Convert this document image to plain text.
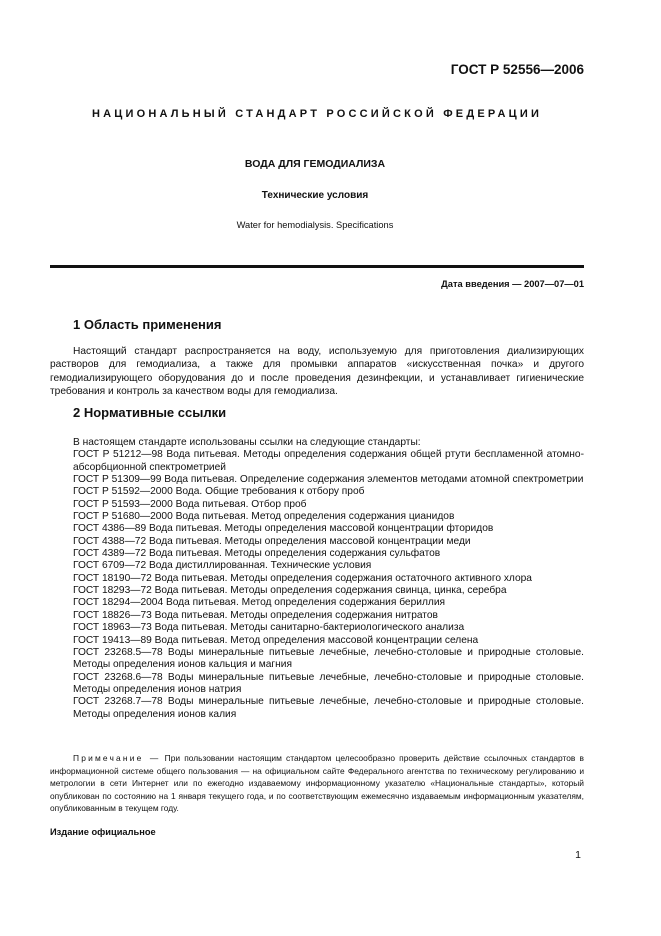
ГОСТ Р 52556—2006
НАЦИОНАЛЬНЫЙ СТАНДАРТ РОССИЙСКОЙ ФЕДЕРАЦИИ
ВОДА ДЛЯ ГЕМОДИАЛИЗА
Технические условия
Water for hemodialysis. Specifications
Дата введения — 2007—07—01
1 Область применения
Настоящий стандарт распространяется на воду, используемую для приготовления диализирующих растворов для гемодиализа, а также для промывки аппаратов «искусственная почка» и другого гемодиализирующего оборудования до и после проведения дезинфекции, и устанавливает гигиенические требования и контроль за качеством воды для гемодиализа.
2 Нормативные ссылки
В настоящем стандарте использованы ссылки на следующие стандарты:
ГОСТ Р 51212—98 Вода питьевая. Методы определения содержания общей ртути беспламенной атомно-абсорбционной спектрометрией
ГОСТ Р 51309—99 Вода питьевая. Определение содержания элементов методами атомной спектрометрии
ГОСТ Р 51592—2000 Вода. Общие требования к отбору проб
ГОСТ Р 51593—2000 Вода питьевая. Отбор проб
ГОСТ Р 51680—2000 Вода питьевая. Метод определения содержания цианидов
ГОСТ 4386—89 Вода питьевая. Методы определения массовой концентрации фторидов
ГОСТ 4388—72 Вода питьевая. Методы определения массовой концентрации меди
ГОСТ 4389—72 Вода питьевая. Методы определения содержания сульфатов
ГОСТ 6709—72 Вода дистиллированная. Технические условия
ГОСТ 18190—72 Вода питьевая. Методы определения содержания остаточного активного хлора
ГОСТ 18293—72 Вода питьевая. Методы определения содержания свинца, цинка, серебра
ГОСТ 18294—2004 Вода питьевая. Метод определения содержания бериллия
ГОСТ 18826—73 Вода питьевая. Методы определения содержания нитратов
ГОСТ 18963—73 Вода питьевая. Методы санитарно-бактериологического анализа
ГОСТ 19413—89 Вода питьевая. Метод определения массовой концентрации селена
ГОСТ 23268.5—78 Воды минеральные питьевые лечебные, лечебно-столовые и природные столовые. Методы определения ионов кальция и магния
ГОСТ 23268.6—78 Воды минеральные питьевые лечебные, лечебно-столовые и природные столовые. Методы определения ионов натрия
ГОСТ 23268.7—78 Воды минеральные питьевые лечебные, лечебно-столовые и природные столовые. Методы определения ионов калия
Примечание — При пользовании настоящим стандартом целесообразно проверить действие ссылочных стандартов в информационной системе общего пользования — на официальном сайте Федерального агентства по техническому регулированию и метрологии в сети Интернет или по ежегодно издаваемому информационному указателю «Национальные стандарты», который опубликован по состоянию на 1 января текущего года, и по соответствующим ежемесячно издаваемым информационным указателям, опубликованным в текущем году.
Издание официальное
1
